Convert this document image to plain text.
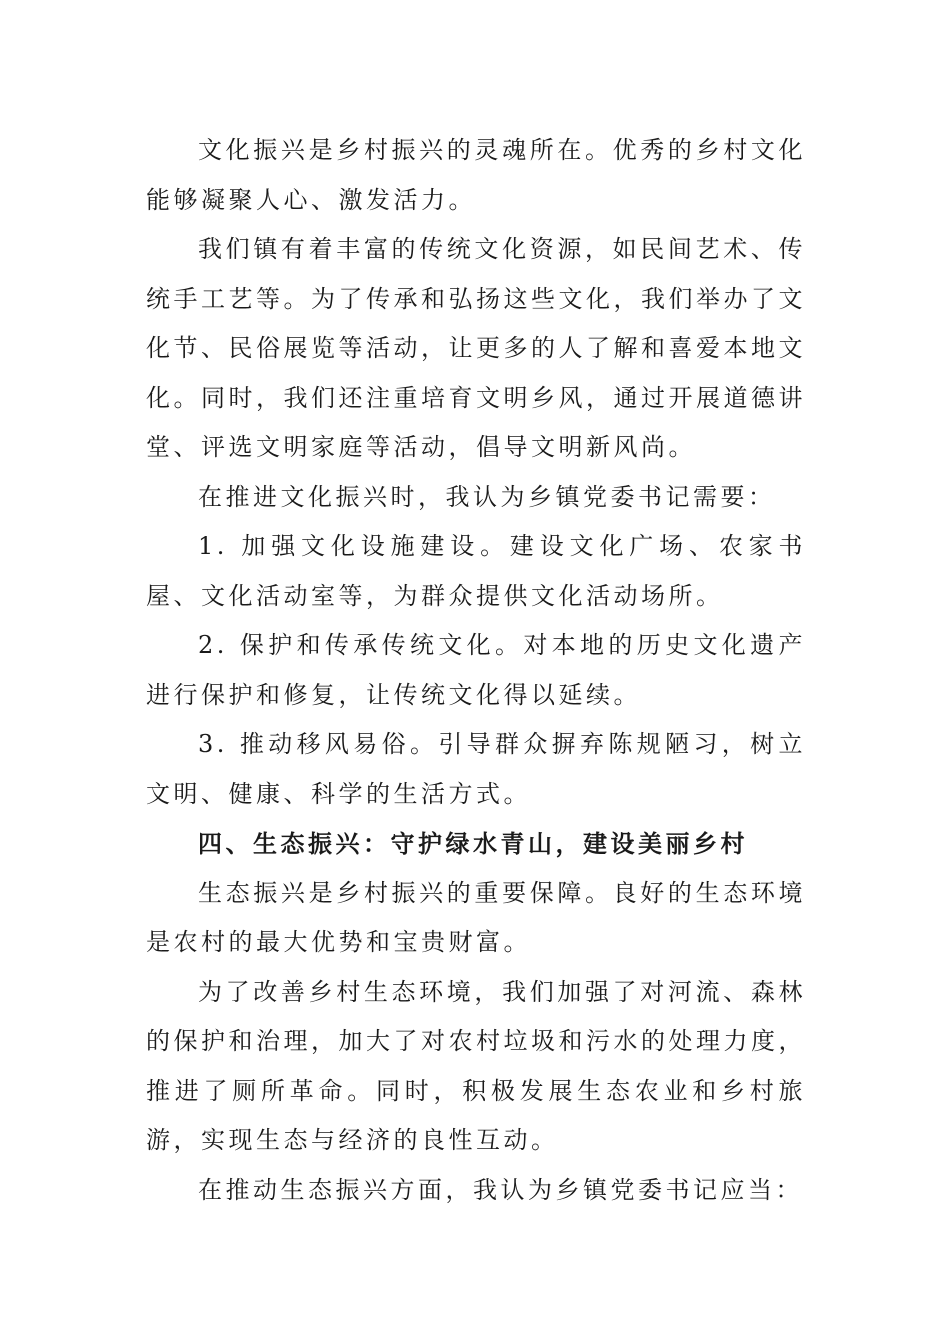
文化振兴是乡村振兴的灵魂所在。优秀的乡村文化能够凝聚人心、激发活力。

我们镇有着丰富的传统文化资源，如民间艺术、传统手工艺等。为了传承和弘扬这些文化，我们举办了文化节、民俗展览等活动，让更多的人了解和喜爱本地文化。同时，我们还注重培育文明乡风，通过开展道德讲堂、评选文明家庭等活动，倡导文明新风尚。

在推进文化振兴时，我认为乡镇党委书记需要：

1. 加强文化设施建设。建设文化广场、农家书屋、文化活动室等，为群众提供文化活动场所。

2. 保护和传承传统文化。对本地的历史文化遗产进行保护和修复，让传统文化得以延续。

3. 推动移风易俗。引导群众摒弃陈规陋习，树立文明、健康、科学的生活方式。

四、生态振兴：守护绿水青山，建设美丽乡村

生态振兴是乡村振兴的重要保障。良好的生态环境是农村的最大优势和宝贵财富。

为了改善乡村生态环境，我们加强了对河流、森林的保护和治理，加大了对农村垃圾和污水的处理力度，推进了厕所革命。同时，积极发展生态农业和乡村旅游，实现生态与经济的良性互动。

在推动生态振兴方面，我认为乡镇党委书记应当：
